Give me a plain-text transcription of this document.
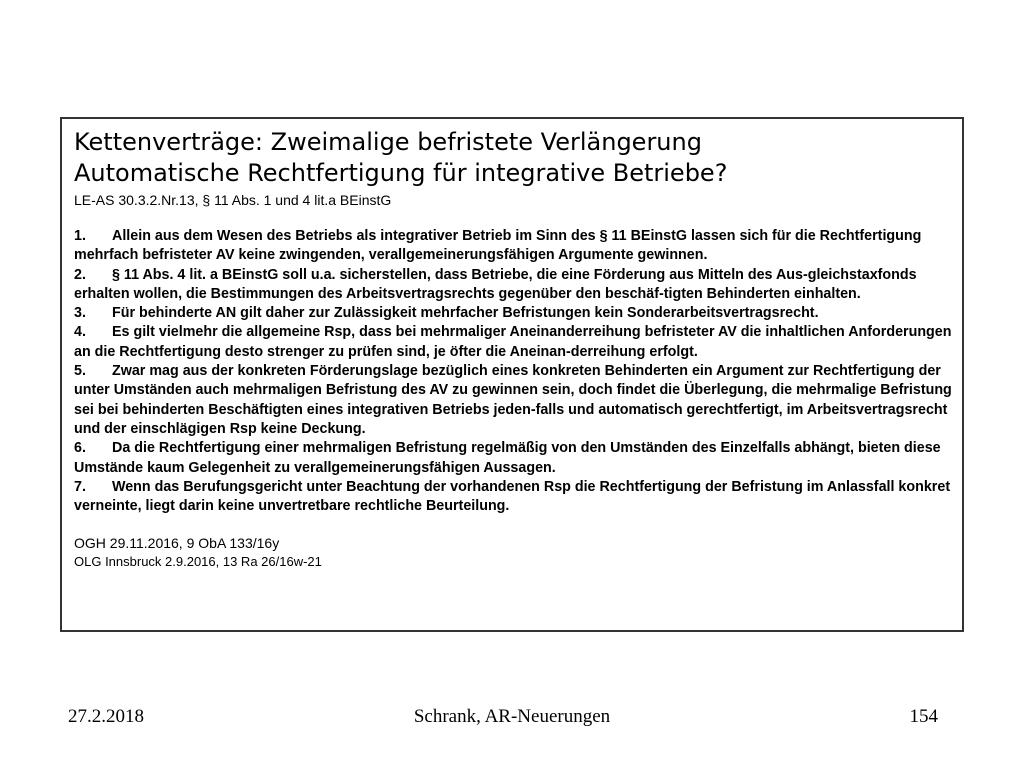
Kettenverträge: Zweimalige befristete Verlängerung
Automatische Rechtfertigung für integrative Betriebe?
LE-AS 30.3.2.Nr.13, § 11 Abs. 1 und 4 lit.a BEinstG
1. Allein aus dem Wesen des Betriebs als integrativer Betrieb im Sinn des § 11 BEinstG lassen sich für die Rechtfertigung mehrfach befristeter AV keine zwingenden, verallgemeinerungsfähigen Argumente gewinnen.
2. § 11 Abs. 4 lit. a BEinstG soll u.a. sicherstellen, dass Betriebe, die eine Förderung aus Mitteln des Aus-gleichstaxfonds erhalten wollen, die Bestimmungen des Arbeitsvertragsrechts gegenüber den beschäf-tigten Behinderten einhalten.
3. Für behinderte AN gilt daher zur Zulässigkeit mehrfacher Befristungen kein Sonderarbeitsvertragsrecht.
4. Es gilt vielmehr die allgemeine Rsp, dass bei mehrmaliger Aneinanderreihung befristeter AV die inhaltlichen Anforderungen an die Rechtfertigung desto strenger zu prüfen sind, je öfter die Aneinan-derreihung erfolgt.
5. Zwar mag aus der konkreten Förderungslage bezüglich eines konkreten Behinderten ein Argument zur Rechtfertigung der unter Umständen auch mehrmaligen Befristung des AV zu gewinnen sein, doch findet die Überlegung, die mehrmalige Befristung sei bei behinderten Beschäftigten eines integrativen Betriebs jeden-falls und automatisch gerechtfertigt, im Arbeitsvertragsrecht und der einschlägigen Rsp keine Deckung.
6. Da die Rechtfertigung einer mehrmaligen Befristung regelmäßig von den Umständen des Einzelfalls abhängt, bieten diese Umstände kaum Gelegenheit zu verallgemeinerungsfähigen Aussagen.
7. Wenn das Berufungsgericht unter Beachtung der vorhandenen Rsp die Rechtfertigung der Befristung im Anlassfall konkret verneinte, liegt darin keine unvertretbare rechtliche Beurteilung.
OGH 29.11.2016, 9 ObA 133/16y
OLG Innsbruck 2.9.2016, 13 Ra 26/16w-21
27.2.2018	Schrank, AR-Neuerungen	154
